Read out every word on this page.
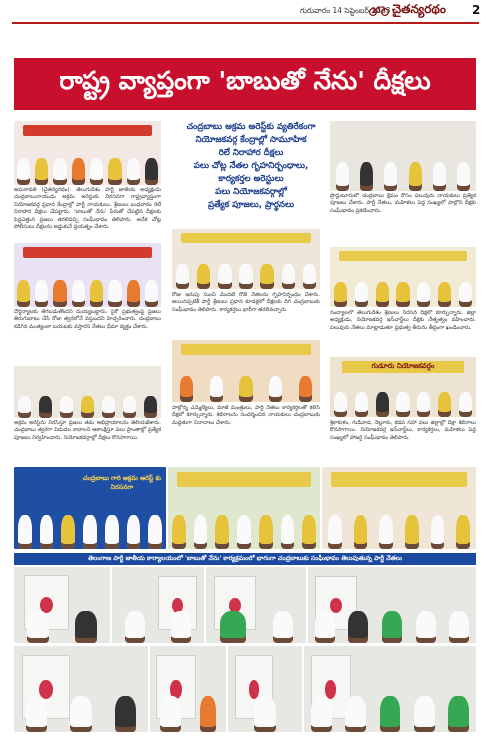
గురువారం 14 సెప్టెంబర్ 2023 చైతన్యరథం 2
రాష్ట్ర వ్యాప్తంగా 'బాబుతో నేను' దీక్షలు
అమరావతి (చైతన్యరథం): తెలుగుదేశం పార్టీ జాతీయ అధ్యక్షుడు చంద్రబాబునాయుడు అక్రమ అరెస్టుకు నిరసనగా రాష్ట్రవ్యాప్తంగా నియోజకవర్గ ప్రధాన కేంద్రాల్లో పార్టీ నాయకులు, శ్రేణులు బుధవారం రిలే నిరాహార దీక్షలు చేపట్టారు. 'బాబుతో నేను' పేరుతో చేపట్టిన దీక్షలకు పెద్దఎత్తున ప్రజలు తరలివచ్చి సంఘీభావం తెలిపారు. అనేక చోట్ల పోలీసులు దీక్షలను అడ్డుకునే ప్రయత్నం చేశారు.
దౌర్జన్యాలకు తెగబడుతోందని దుయ్యబట్టారు. సైకో ప్రభుత్వంపై ప్రజలు తిరుగుబాటు చేసే రోజు త్వరలోనే వస్తుందని హెచ్చరించారు. చంద్రబాబు కడిగిన ముత్యంలా బయటకు వస్తారని నేతలు ధీమా వ్యక్తం చేశారు.
అక్రమ అరెస్ట్‌ను నిరసిస్తూ ప్రజలు తమ అభిప్రాయాలను తెలియజేశారు. చంద్రబాబు త్వరగా విడుదల కావాలని ఆకాంక్షిస్తూ పలు ప్రాంతాల్లో ప్రత్యేక పూజలు నిర్వహించారు. నియోజకవర్గాల్లో దీక్షలు కొనసాగాయి.
చంద్రబాబు అక్రమ అరెస్ట్‌కు వ్యతిరేకంగా
నియోజకవర్గ కేంద్రాల్లో సామూహిక
రిలే నిరాహార దీక్షలు
పలు చోట్ల నేతల గృహనిర్బంధాలు,
కార్యకర్తల అరెస్టులు
పలు నియోజకవర్గాల్లో
ప్రత్యేక పూజలు, ప్రార్థనలు
రోజు జరుపు సుంచి మొదటి రోజే నేతలను గృహనిర్బంధం చేశారు. అయినప్పటికీ పార్టీ శ్రేణులు ప్రధాన కూడళ్లలో దీక్షలకు దిగి చంద్రబాబుకు సంఘీభావం తెలిపారు. కార్యకర్తలు భారీగా తరలివచ్చారు.
పాల్గొన్న ఎమ్మెల్యేలు, మాజీ మంత్రులు, పార్టీ నేతలు కార్యకర్తలతో కలిసి దీక్షలో కూర్చున్నారు. శిబిరాలను సందర్శించిన నాయకులు చంద్రబాబుకు మద్దతుగా నినాదాలు చేశారు.
ప్రొద్దుటూరులో చంద్రబాబు క్షేమం కోసం పలువురు నాయకులు ప్రత్యేక పూజలు చేశారు. పార్టీ నేతలు, మహిళలు పెద్ద సంఖ్యలో పాల్గొని దీక్షకు సంఘీభావం ప్రకటించారు.
నంద్యాలలో తెలుగుదేశం శ్రేణులు నిరసన దీక్షలో కూర్చున్నారు. జిల్లా అధ్యక్షుడు, నియోజకవర్గ ఇన్‌చార్జ్‌లు దీక్షకు నేతృత్వం వహించారు. పలువురు నేతలు మాట్లాడుతూ ప్రభుత్వ తీరును తీవ్రంగా ఖండించారు.
గుడూరు నియోజకవర్గం
శ్రీకాకుళం, గుడివాడ, నెల్లూరు, కడప సహా పలు జిల్లాల్లో దీక్షా శిబిరాలు కొనసాగాయి. నియోజకవర్గ ఇన్‌చార్జ్‌లు, కార్యకర్తలు, మహిళలు పెద్ద సంఖ్యలో హాజరై సంఘీభావం తెలిపారు.
చంద్రబాబు గారి అక్రమ అరెస్ట్ కు నిరసనగా
తెలంగాణ పార్టీ జాతీయ కార్యాలయంలో 'బాబుతో నేను' కార్యక్రమంలో భాగంగా చంద్రబాబుకు సంఘీభావం తెలుపుతున్న పార్టీ నేతలు
